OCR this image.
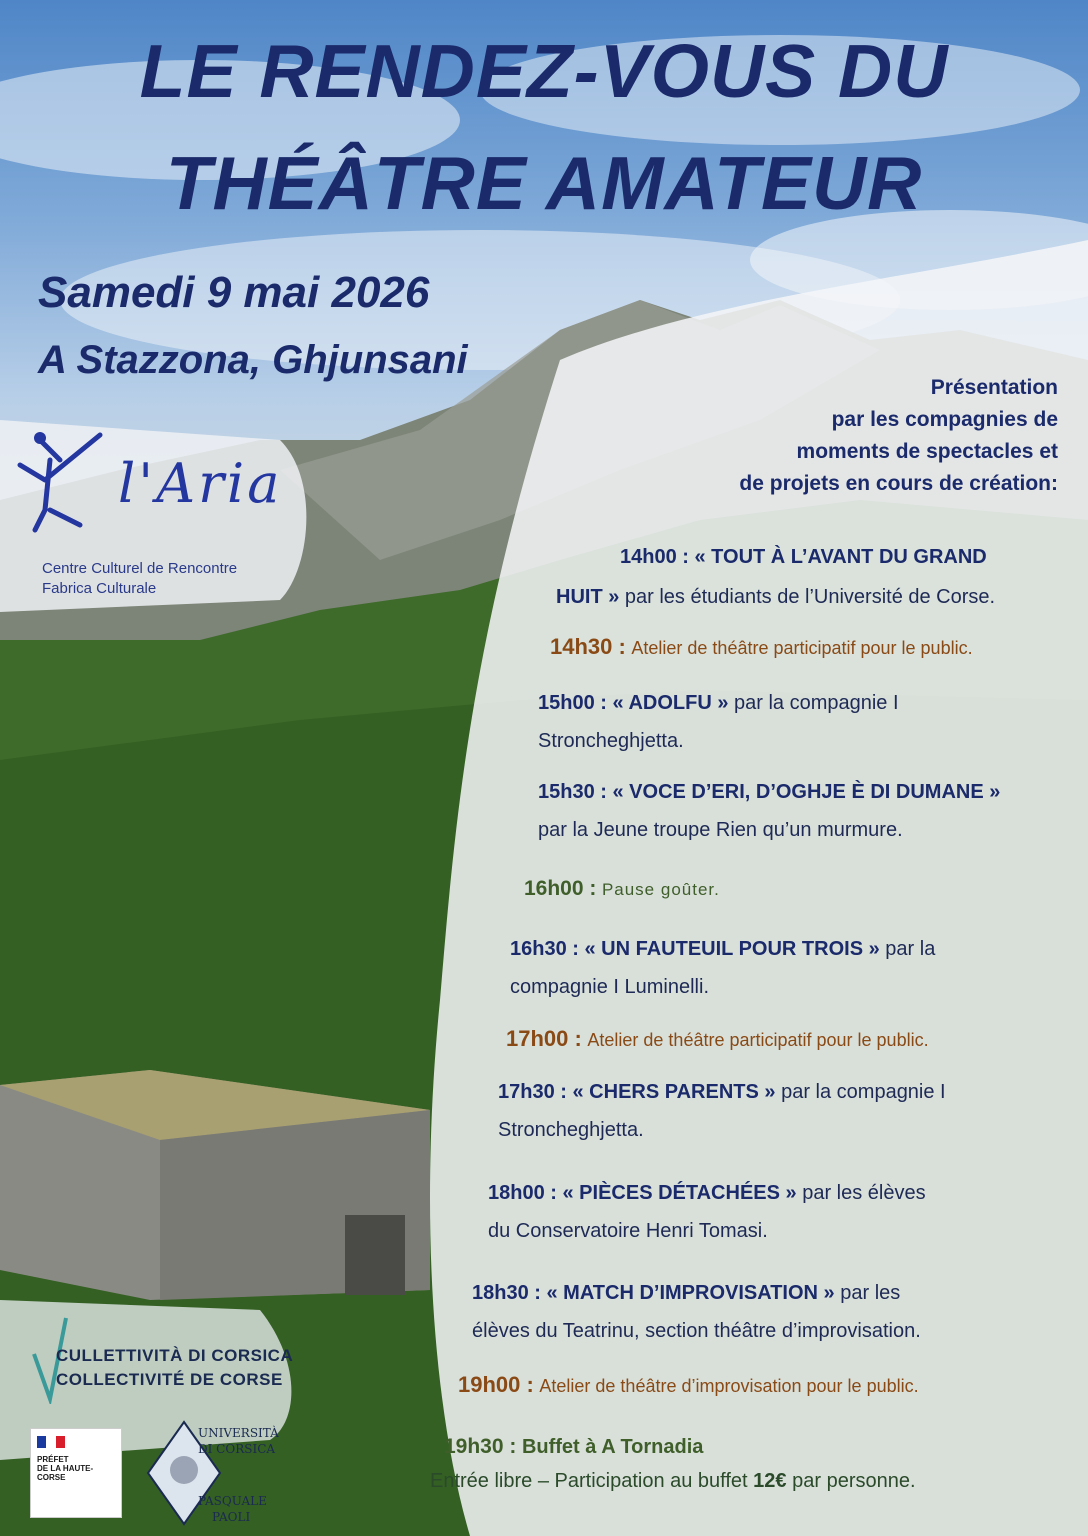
LE RENDEZ-VOUS DU
THÉÂTRE AMATEUR
Samedi 9 mai 2026
A Stazzona, Ghjunsani
l'Aria
Centre Culturel de Rencontre
Fabrica Culturale
Présentation
par les compagnies de
moments de spectacles et
de projets en cours de création:
14h00 : « TOUT À L’AVANT DU GRAND
HUIT » par les étudiants de l’Université de Corse.
14h30 : Atelier de théâtre participatif pour le public.
15h00 : « ADOLFU » par la compagnie I
Stroncheghjetta.
15h30 : « VOCE D’ERI, D’OGHJE È DI DUMANE »
par la Jeune troupe Rien qu’un murmure.
16h00 : Pause goûter.
16h30 : « UN FAUTEUIL POUR TROIS » par la
compagnie I Luminelli.
17h00 : Atelier de théâtre participatif pour le public.
17h30 : « CHERS PARENTS » par la compagnie I
Stroncheghjetta.
18h00 : « PIÈCES DÉTACHÉES » par les élèves
du Conservatoire Henri Tomasi.
18h30 : « MATCH D’IMPROVISATION » par les
élèves du Teatrinu, section théâtre d’improvisation.
19h00 : Atelier de théâtre d’improvisation pour le public.
19h30 : Buffet à A Tornadia
Entrée libre – Participation au buffet 12€ par personne.
CULLETTIVITÀ DI CORSICA
COLLECTIVITÉ DE CORSE
PRÉFET
DE LA HAUTE-
CORSE
UNIVERSITÀ
DI CORSICA
PASQUALE
PAOLI
